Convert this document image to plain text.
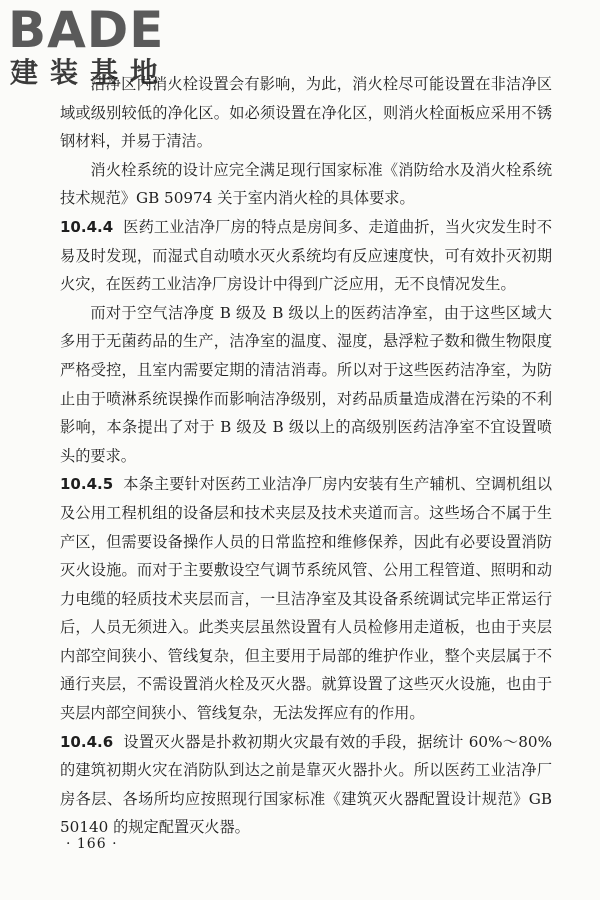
BADE
建装基地

洁净区内消火栓设置会有影响，为此，消火栓尽可能设置在非洁净区域或级别较低的净化区。如必须设置在净化区，则消火栓面板应采用不锈钢材料，并易于清洁。

消火栓系统的设计应完全满足现行国家标准《消防给水及消火栓系统技术规范》GB 50974 关于室内消火栓的具体要求。

10.4.4 医药工业洁净厂房的特点是房间多、走道曲折，当火灾发生时不易及时发现，而湿式自动喷水灭火系统均有反应速度快，可有效扑灭初期火灾，在医药工业洁净厂房设计中得到广泛应用，无不良情况发生。

而对于空气洁净度 B 级及 B 级以上的医药洁净室，由于这些区域大多用于无菌药品的生产，洁净室的温度、湿度，悬浮粒子数和微生物限度严格受控，且室内需要定期的清洁消毒。所以对于这些医药洁净室，为防止由于喷淋系统误操作而影响洁净级别，对药品质量造成潜在污染的不利影响，本条提出了对于 B 级及 B 级以上的高级别医药洁净室不宜设置喷头的要求。

10.4.5 本条主要针对医药工业洁净厂房内安装有生产辅机、空调机组以及公用工程机组的设备层和技术夹层及技术夹道而言。这些场合不属于生产区，但需要设备操作人员的日常监控和维修保养，因此有必要设置消防灭火设施。而对于主要敷设空气调节系统风管、公用工程管道、照明和动力电缆的轻质技术夹层而言，一旦洁净室及其设备系统调试完毕正常运行后，人员无须进入。此类夹层虽然设置有人员检修用走道板，也由于夹层内部空间狭小、管线复杂，但主要用于局部的维护作业，整个夹层属于不通行夹层，不需设置消火栓及灭火器。就算设置了这些灭火设施，也由于夹层内部空间狭小、管线复杂，无法发挥应有的作用。

10.4.6 设置灭火器是扑救初期火灾最有效的手段，据统计 60%～80% 的建筑初期火灾在消防队到达之前是靠灭火器扑火。所以医药工业洁净厂房各层、各场所均应按照现行国家标准《建筑灭火器配置设计规范》GB 50140 的规定配置灭火器。

· 166 ·
